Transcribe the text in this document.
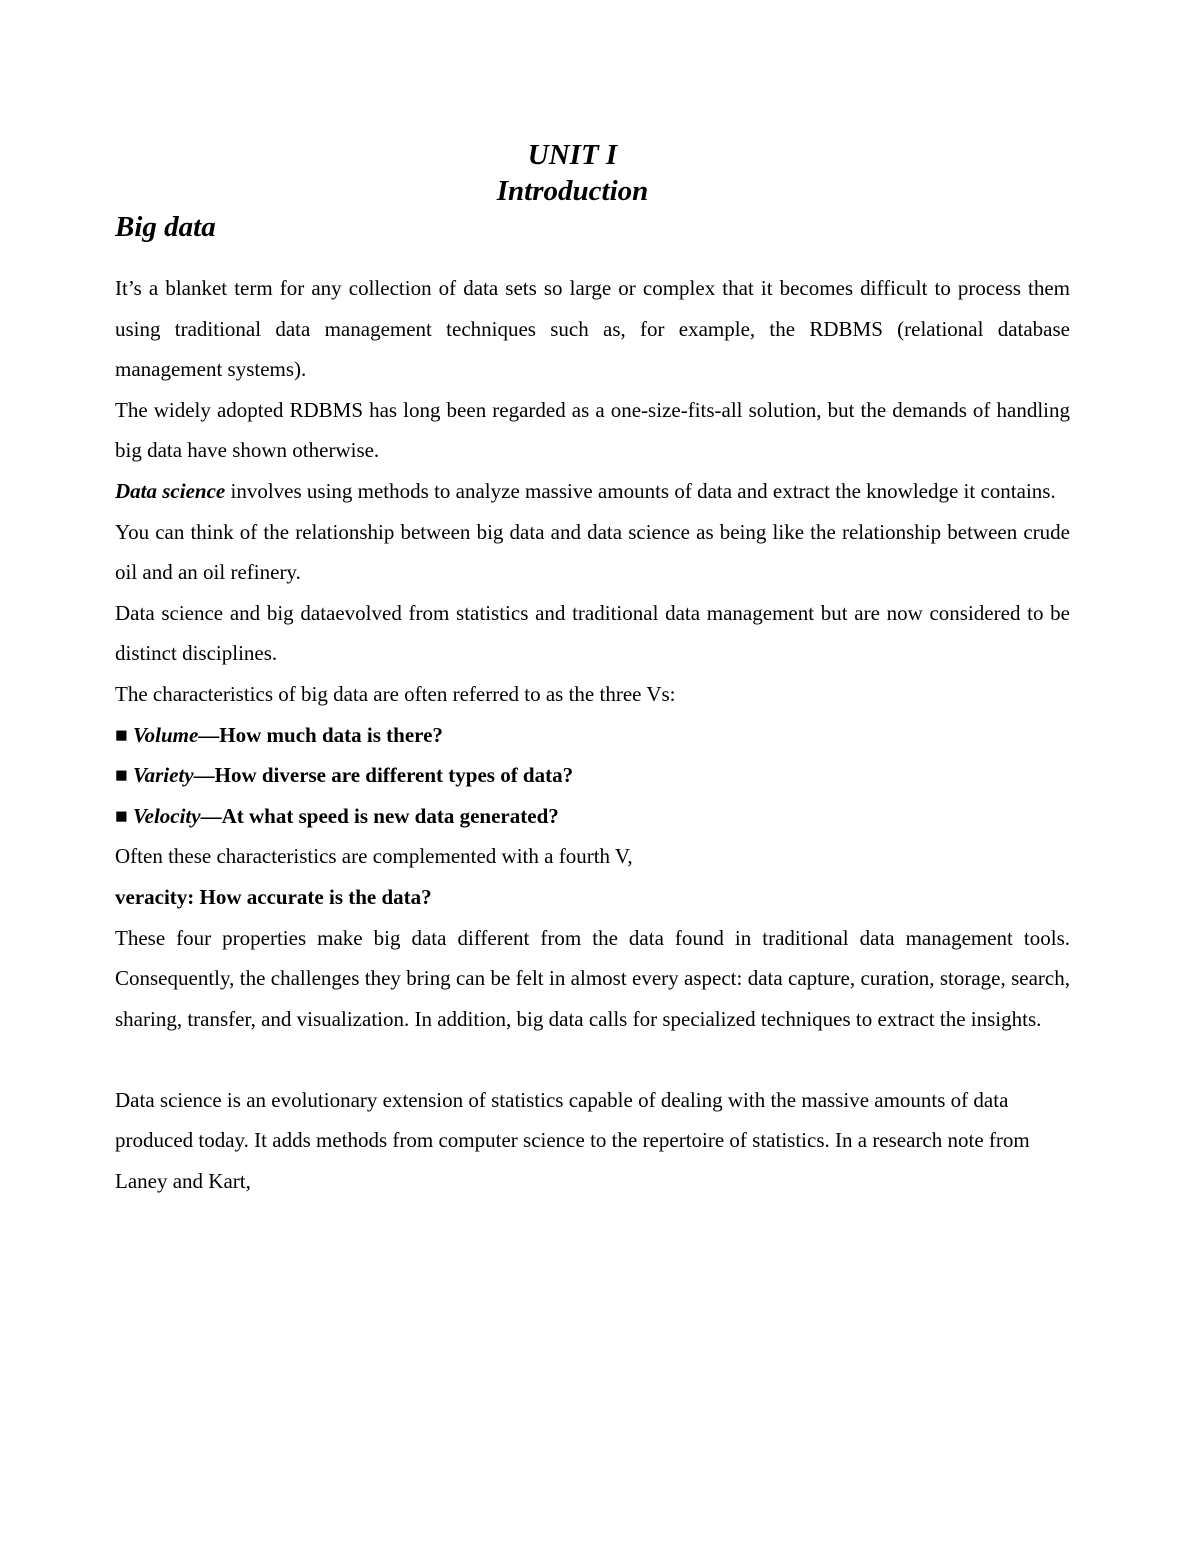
UNIT I
Introduction
Big data

It’s a blanket term for any collection of data sets so large or complex that it becomes difficult to process them using traditional data management techniques such as, for example, the RDBMS (relational database management systems).

The widely adopted RDBMS has long been regarded as a one-size-fits-all solution, but the demands of handling big data have shown otherwise.

Data science involves using methods to analyze massive amounts of data and extract the knowledge it contains.

You can think of the relationship between big data and data science as being like the relationship between crude oil and an oil refinery.

Data science and big dataevolved from statistics and traditional data management but are now considered to be distinct disciplines.

The characteristics of big data are often referred to as the three Vs:

■ Volume—How much data is there?

■ Variety—How diverse are different types of data?

■ Velocity—At what speed is new data generated?

Often these characteristics are complemented with a fourth V,

veracity: How accurate is the data?

These four properties make big data different from the data found in traditional data management tools. Consequently, the challenges they bring can be felt in almost every aspect: data capture, curation, storage, search, sharing, transfer, and visualization. In addition, big data calls for specialized techniques to extract the insights.

Data science is an evolutionary extension of statistics capable of dealing with the massive amounts of data produced today. It adds methods from computer science to the repertoire of statistics. In a research note from Laney and Kart,
